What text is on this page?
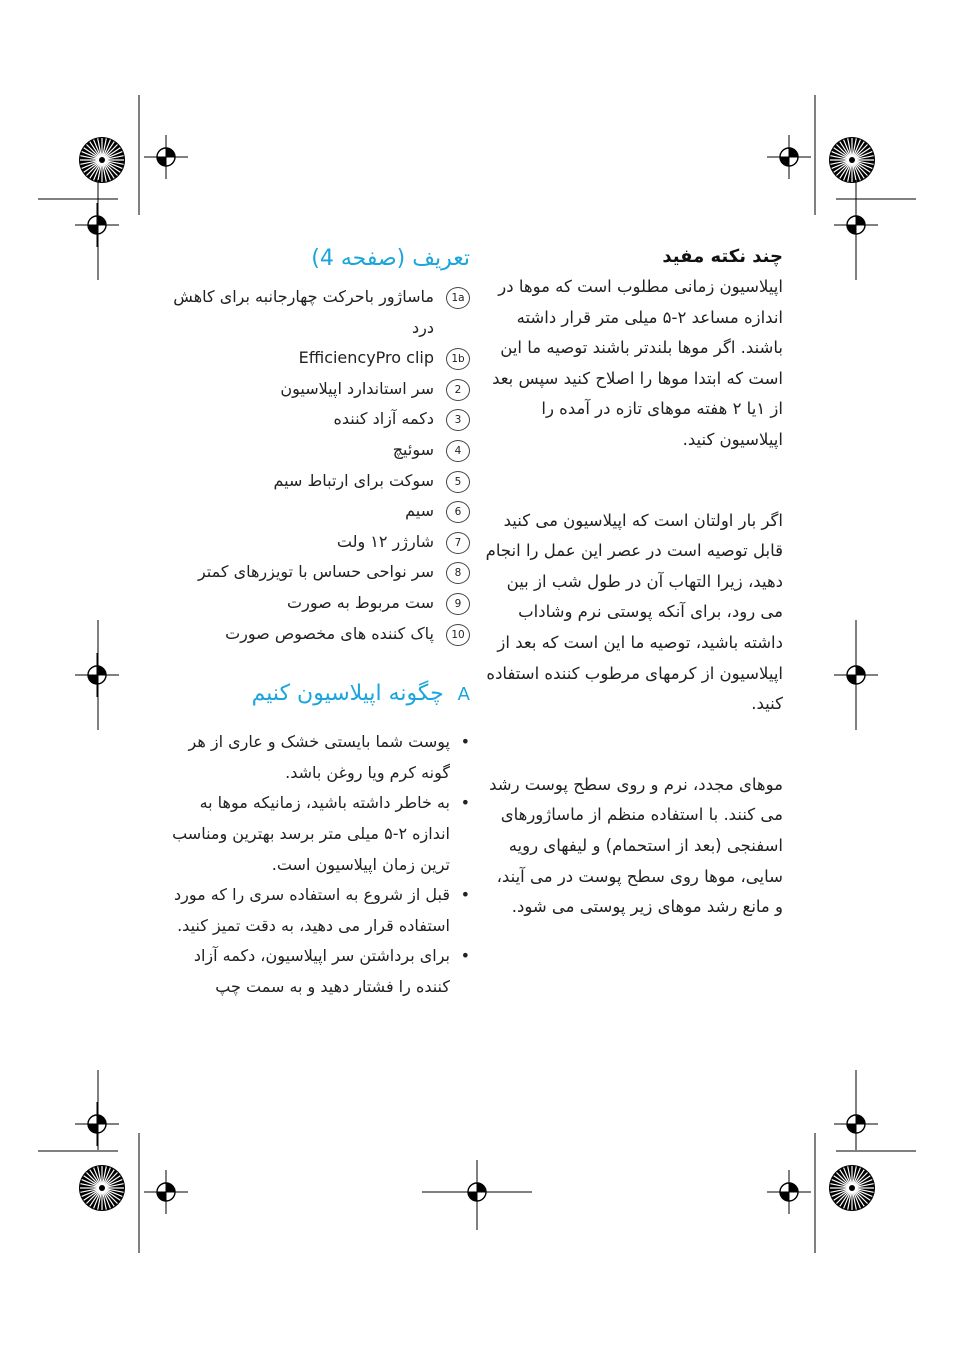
چند نکته مفید

اپیلاسیون زمانی مطلوب است که موها در اندازه مساعد ۲-۵ میلی متر قرار داشته باشند. اگر موها بلندتر باشند توصیه ما این است که ابتدا موها را اصلاح کنید سپس بعد از ۱یا ۲ هفته موهای تازه در آمده را اپیلاسیون کنید.

اگر بار اولتان است که اپیلاسیون می کنید قابل توصیه است در عصر این عمل را انجام دهید، زیرا التهاب آن در طول شب از بین می رود، برای آنکه پوستی نرم وشاداب داشته باشید، توصیه ما این است که بعد از اپیلاسیون از کرمهای مرطوب کننده استفاده کنید.

موهای مجدد، نرم و روی سطح پوست رشد می کنند. با استفاده منظم از ماساژورهای اسفنجی (بعد از استحمام) و لیفهای رویه سایی، موها روی سطح پوست در می آیند، و مانع رشد موهای زیر پوستی می شود.

تعریف (صفحه 4)
1a
ماساژور باحرکت چهارجانبه برای کاهش درد
1b
EfficiencyPro clip
2
سر استاندارد اپیلاسیون
3
دکمه آزاد کننده
4
سوئیچ
5
سوکت برای ارتباط سیم
6
سیم
7
شارژر ۱۲ ولت
8
سر نواحی حساس با تویزرهای کمتر
9
ست مربوط به صورت
10
پاک کننده های مخصوص صورت
A
چگونه اپیلاسیون کنیم
•
پوست شما بایستی خشک و عاری از هر گونه کرم ویا روغن باشد.
•
به خاطر داشته باشید، زمانیکه موها به اندازه ۲-۵ میلی متر برسد بهترین ومناسب ترین زمان اپیلاسیون است.
•
قبل از شروع به استفاده سری را که مورد استفاده قرار می دهید، به دقت تمیز کنید.
•
برای برداشتن سر اپیلاسیون، دکمه آزاد کننده را فشتار دهید و به سمت چپ
